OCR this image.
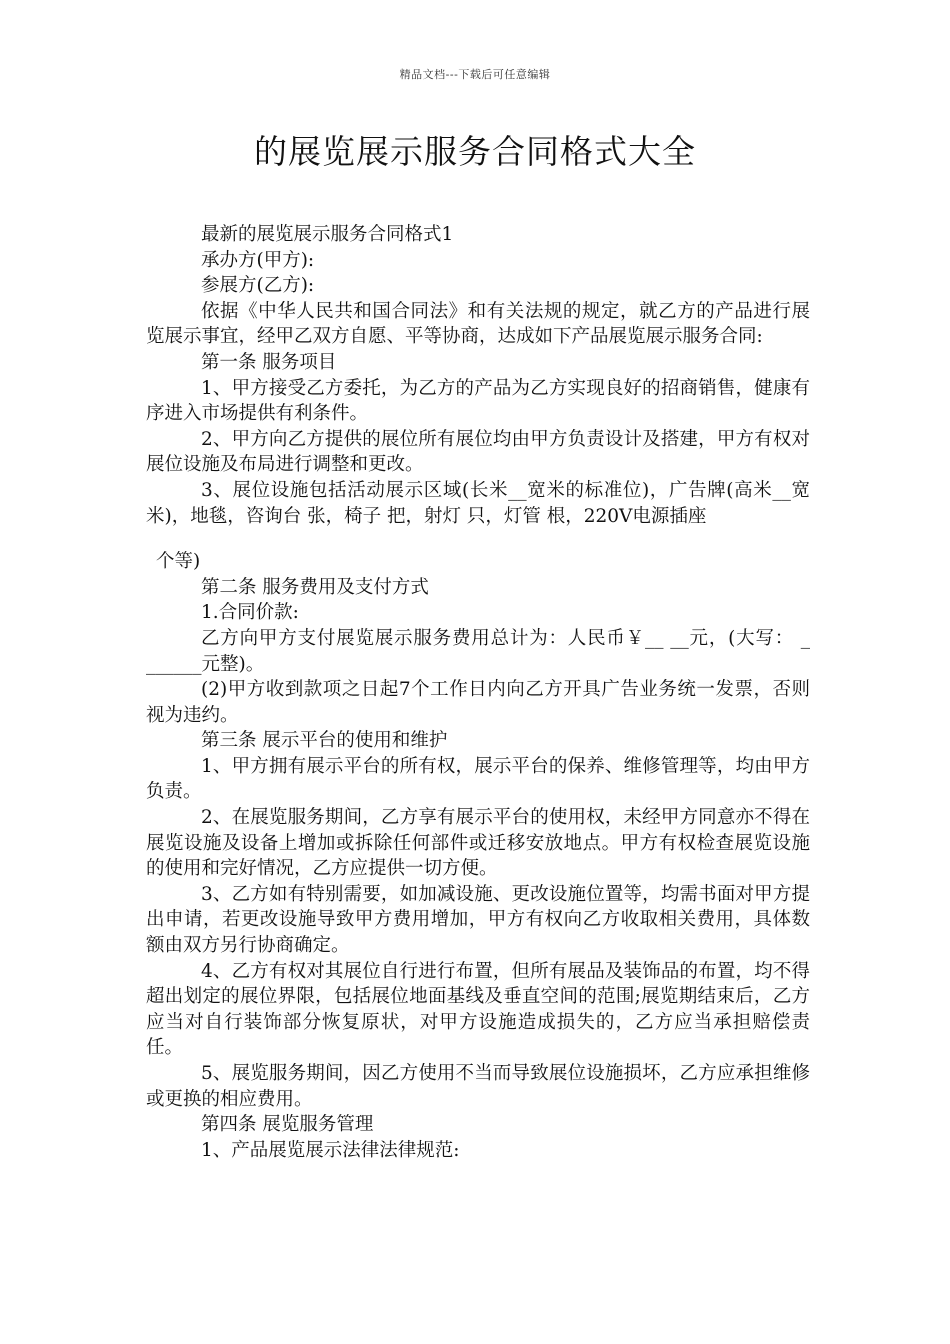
精品文档---下载后可任意编辑
的展览展示服务合同格式大全

最新的展览展示服务合同格式1

承办方(甲方):

参展方(乙方):

依据《中华人民共和国合同法》和有关法规的规定，就乙方的产品进行展览展示事宜，经甲乙双方自愿、平等协商，达成如下产品展览展示服务合同:

第一条 服务项目

1、甲方接受乙方委托，为乙方的产品为乙方实现良好的招商销售，健康有序进入市场提供有利条件。

2、甲方向乙方提供的展位所有展位均由甲方负责设计及搭建，甲方有权对展位设施及布局进行调整和更改。

3、展位设施包括活动展示区域(长米__宽米的标准位)，广告牌(高米__宽 米)，地毯，咨询台 张，椅子 把，射灯 只，灯管 根，220V电源插座

个等)

第二条 服务费用及支付方式

1.合同价款:

乙方向甲方支付展览展示服务费用总计为：人民币￥__ __元，(大写： _ ______元整)。

(2)甲方收到款项之日起7个工作日内向乙方开具广告业务统一发票，否则视为违约。

第三条 展示平台的使用和维护

1、甲方拥有展示平台的所有权，展示平台的保养、维修管理等，均由甲方负责。

2、在展览服务期间，乙方享有展示平台的使用权，未经甲方同意亦不得在展览设施及设备上增加或拆除任何部件或迁移安放地点。甲方有权检查展览设施的使用和完好情况，乙方应提供一切方便。

3、乙方如有特别需要，如加减设施、更改设施位置等，均需书面对甲方提出申请，若更改设施导致甲方费用增加，甲方有权向乙方收取相关费用，具体数额由双方另行协商确定。

4、乙方有权对其展位自行进行布置，但所有展品及装饰品的布置，均不得超出划定的展位界限，包括展位地面基线及垂直空间的范围;展览期结束后，乙方应当对自行装饰部分恢复原状，对甲方设施造成损失的，乙方应当承担赔偿责任。

5、展览服务期间，因乙方使用不当而导致展位设施损坏，乙方应承担维修或更换的相应费用。

第四条 展览服务管理

1、产品展览展示法律法律规范:
